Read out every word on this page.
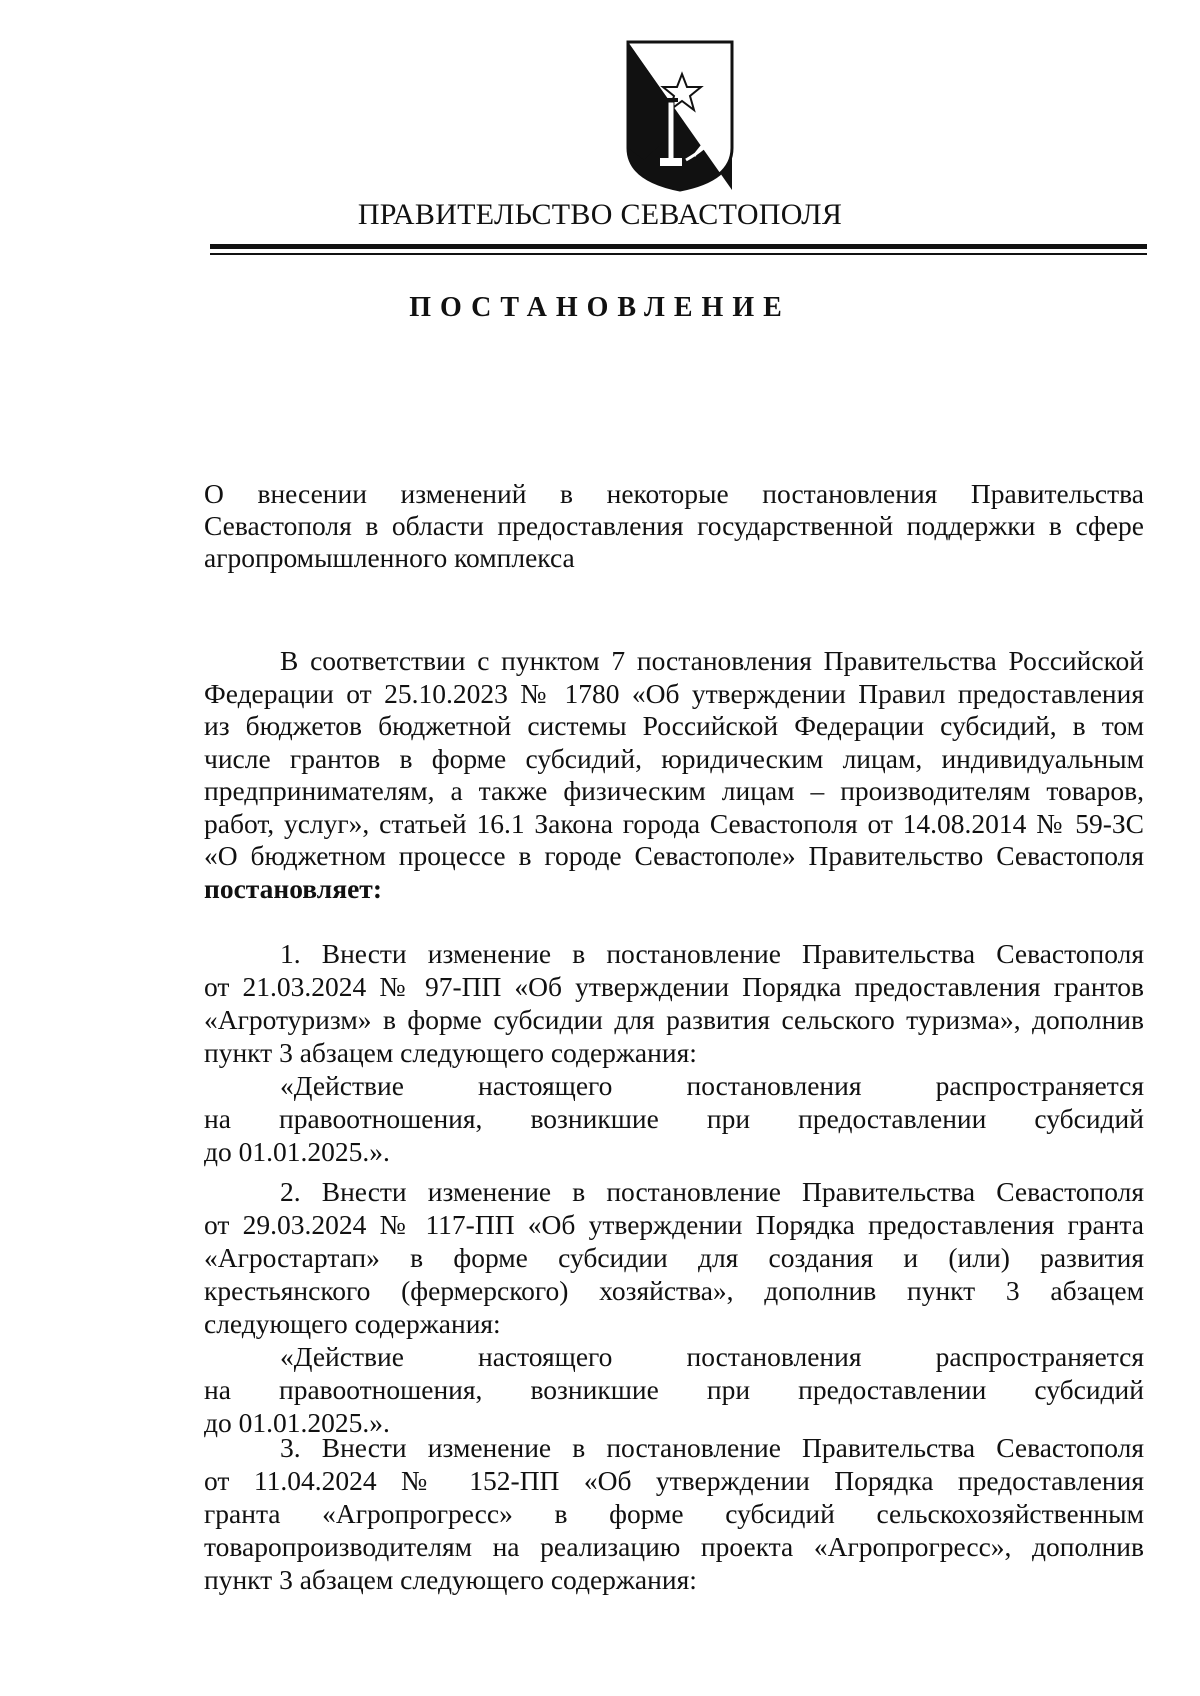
ПРАВИТЕЛЬСТВО СЕВАСТОПОЛЯ
ПОСТАНОВЛЕНИЕ
О внесении изменений в некоторые постановления Правительства
Севастополя в области предоставления государственной поддержки в сфере
агропромышленного комплекса
В соответствии с пунктом 7 постановления Правительства Российской
Федерации от 25.10.2023 № 1780 «Об утверждении Правил предоставления
из бюджетов бюджетной системы Российской Федерации субсидий, в том
числе грантов в форме субсидий, юридическим лицам, индивидуальным
предпринимателям, а также физическим лицам – производителям товаров,
работ, услуг», статьей 16.1 Закона города Севастополя от 14.08.2014 № 59-ЗС
«О бюджетном процессе в городе Севастополе» Правительство Севастополя
постановляет:
1. Внести изменение в постановление Правительства Севастополя
от 21.03.2024 № 97-ПП «Об утверждении Порядка предоставления грантов
«Агротуризм» в форме субсидии для развития сельского туризма», дополнив
пункт 3 абзацем следующего содержания:
«Действие настоящего постановления распространяется
на правоотношения, возникшие при предоставлении субсидий
до 01.01.2025.».
2. Внести изменение в постановление Правительства Севастополя
от 29.03.2024 № 117-ПП «Об утверждении Порядка предоставления гранта
«Агростартап» в форме субсидии для создания и (или) развития
крестьянского (фермерского) хозяйства», дополнив пункт 3 абзацем
следующего содержания:
«Действие настоящего постановления распространяется
на правоотношения, возникшие при предоставлении субсидий
до 01.01.2025.».
3. Внести изменение в постановление Правительства Севастополя
от 11.04.2024 № 152-ПП «Об утверждении Порядка предоставления
гранта «Агропрогресс» в форме субсидий сельскохозяйственным
товаропроизводителям на реализацию проекта «Агропрогресс», дополнив
пункт 3 абзацем следующего содержания:
